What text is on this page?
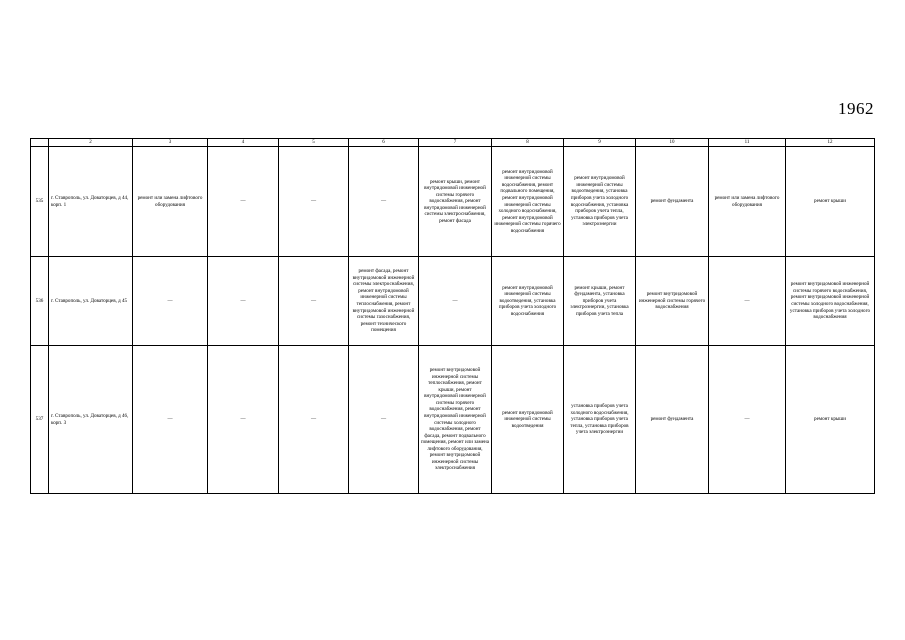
1962
	2	3	4	5	6	7	8	9	10	11	12
535	г. Ставрополь, ул. Доваторцев, д 44, корп. 1	ремонт или замена лифтового оборудования	—	—	—	ремонт крыши, ремонт внутридомовой инженерной системы горячего водоснабжения, ремонт внутридомовой инженерной системы электроснабжения, ремонт фасада	ремонт внутридомовой инженерной системы водоснабжения, ремонт подвального помещения, ремонт внутридомовой инженерной системы холодного водоснабжения, ремонт внутридомовой инженерной системы горячего водоснабжения	ремонт внутридомовой инженерной системы водоотведения, установка приборов учета холодного водоснабжения, установка приборов учета тепла, установка приборов учета электроэнергии	ремонт фундамента	ремонт или замена лифтового оборудования	ремонт крыши
536	г. Ставрополь, ул. Доваторцев, д 45	—	—	—	ремонт фасада, ремонт внутридомовой инженерной системы электроснабжения, ремонт внутридомовой инженерной системы теплоснабжения, ремонт внутридомовой инженерной системы газоснабжения, ремонт технического помещения	—	ремонт внутридомовой инженерной системы водоотведения, установка приборов учета холодного водоснабжения	ремонт крыши, ремонт фундамента, установка приборов учета электроэнергии, установка приборов учета тепла	ремонт внутридомовой инженерной системы горячего водоснабжения	—	ремонт внутридомовой инженерной системы горячего водоснабжения, ремонт внутридомовой инженерной системы холодного водоснабжения, установка приборов учета холодного водоснабжения
537	г. Ставрополь, ул. Доваторцев, д 46, корп. 3	—	—	—	—	ремонт внутридомовой инженерной системы теплоснабжения, ремонт крыши, ремонт внутридомовой инженерной системы горячего водоснабжения, ремонт внутридомовой инженерной системы холодного водоснабжения, ремонт фасада, ремонт подвального помещения, ремонт или замена лифтового оборудования, ремонт внутридомовой инженерной системы электроснабжения	ремонт внутридомовой инженерной системы водоотведения	установка приборов учета холодного водоснабжения, установка приборов учета тепла, установка приборов учета электроэнергии	ремонт фундамента	—	ремонт крыши
